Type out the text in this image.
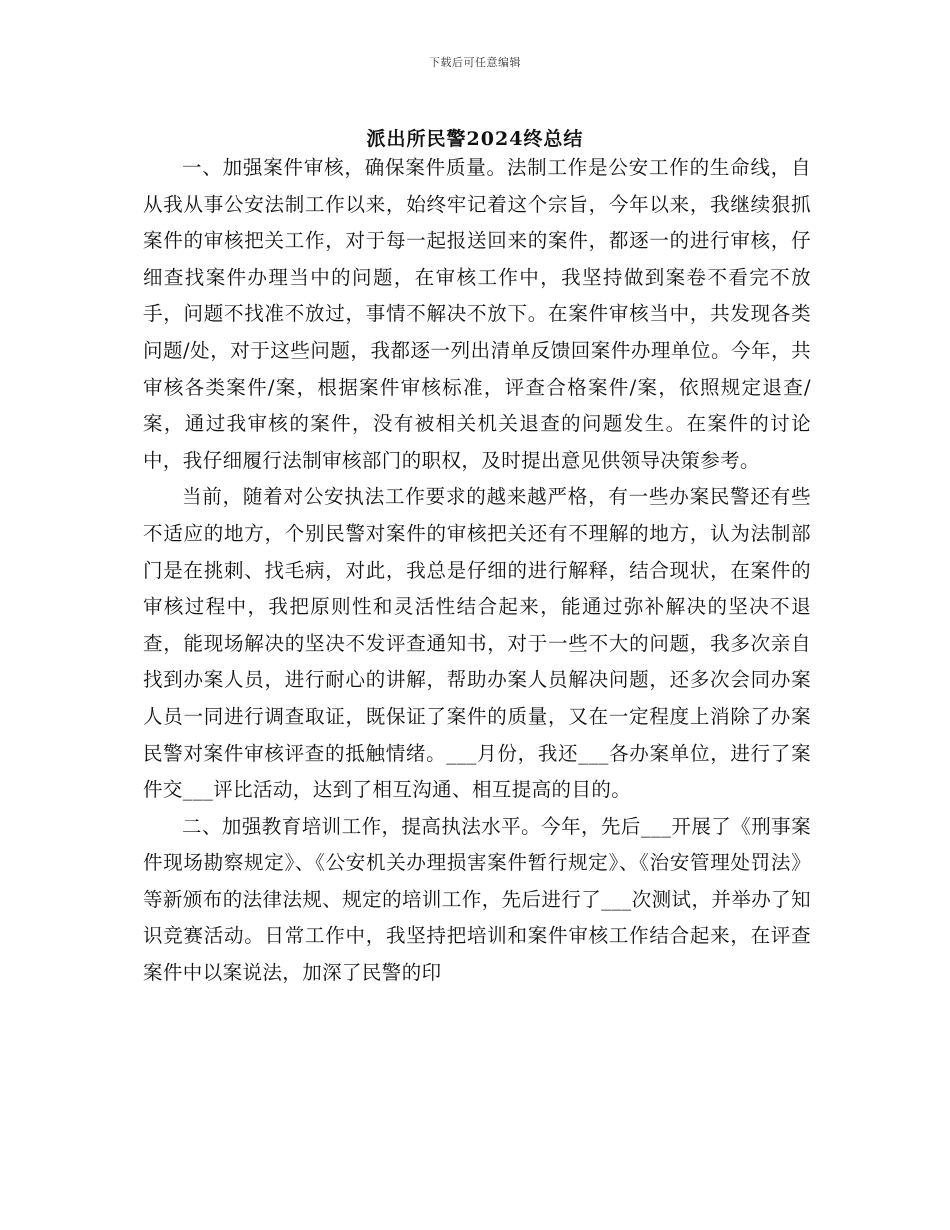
下载后可任意编辑
派出所民警2024终总结

一、加强案件审核，确保案件质量。法制工作是公安工作的生命线，自从我从事公安法制工作以来，始终牢记着这个宗旨，今年以来，我继续狠抓案件的审核把关工作，对于每一起报送回来的案件，都逐一的进行审核，仔细查找案件办理当中的问题，在审核工作中，我坚持做到案卷不看完不放手，问题不找准不放过，事情不解决不放下。在案件审核当中，共发现各类问题/处，对于这些问题，我都逐一列出清单反馈回案件办理单位。今年，共审核各类案件/案，根据案件审核标准，评查合格案件/案，依照规定退查/案，通过我审核的案件，没有被相关机关退查的问题发生。在案件的讨论中，我仔细履行法制审核部门的职权，及时提出意见供领导决策参考。

当前，随着对公安执法工作要求的越来越严格，有一些办案民警还有些不适应的地方，个别民警对案件的审核把关还有不理解的地方，认为法制部门是在挑刺、找毛病，对此，我总是仔细的进行解释，结合现状，在案件的审核过程中，我把原则性和灵活性结合起来，能通过弥补解决的坚决不退查，能现场解决的坚决不发评查通知书，对于一些不大的问题，我多次亲自找到办案人员，进行耐心的讲解，帮助办案人员解决问题，还多次会同办案人员一同进行调查取证，既保证了案件的质量，又在一定程度上消除了办案民警对案件审核评查的抵触情绪。___月份，我还___各办案单位，进行了案件交___评比活动，达到了相互沟通、相互提高的目的。

二、加强教育培训工作，提高执法水平。今年，先后___开展了《刑事案件现场勘察规定》、《公安机关办理损害案件暂行规定》、《治安管理处罚法》等新颁布的法律法规、规定的培训工作，先后进行了___次测试，并举办了知识竞赛活动。日常工作中，我坚持把培训和案件审核工作结合起来，在评查案件中以案说法，加深了民警的印
